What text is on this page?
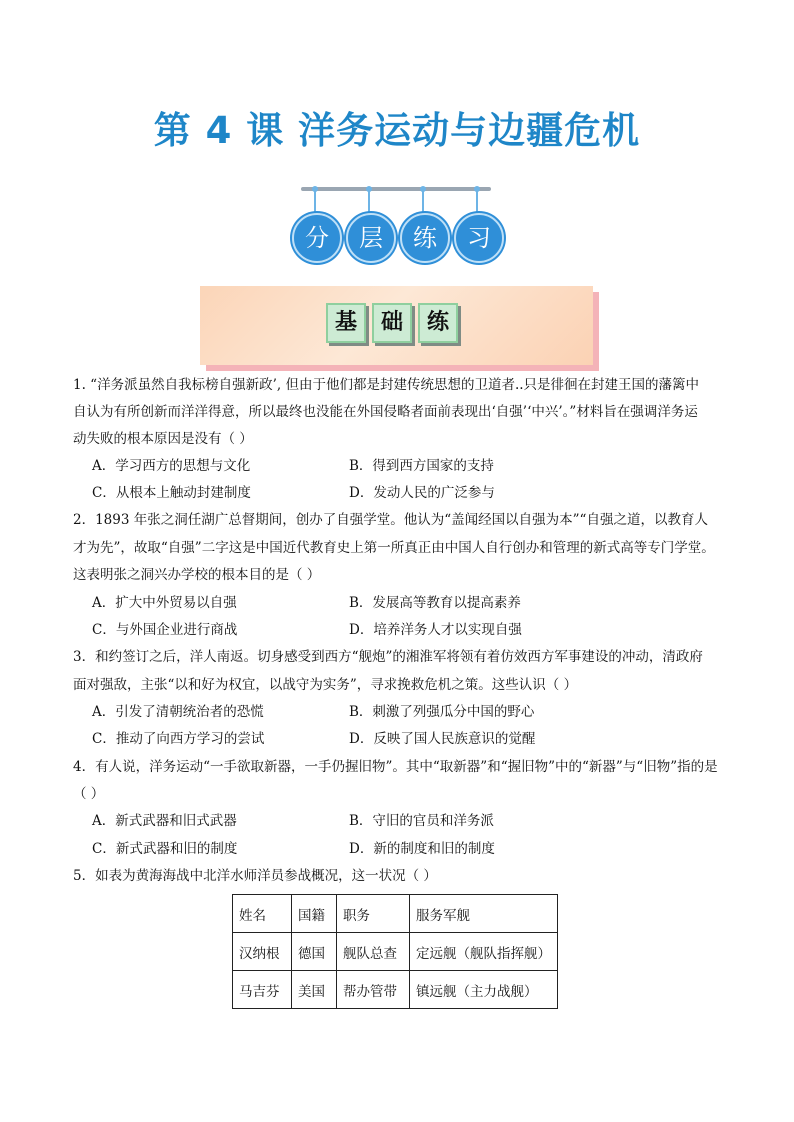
第 4 课 洋务运动与边疆危机
分	层	练	习
基	础	练
1. “洋务派虽然自我标榜自强新政’, 但由于他们都是封建传统思想的卫道者..只是徘徊在封建王国的藩篱中
自认为有所创新而洋洋得意，所以最终也没能在外国侵略者面前表现出‘自强’‘中兴’。”材料旨在强调洋务运
动失败的根本原因是没有（ ）
A．学习西方的思想与文化	B．得到西方国家的支持
C．从根本上触动封建制度	D．发动人民的广泛参与
2．1893 年张之洞任湖广总督期间，创办了自强学堂。他认为“盖闻经国以自强为本”“自强之道，以教育人
才为先”，故取“自强”二字这是中国近代教育史上第一所真正由中国人自行创办和管理的新式高等专门学堂。
这表明张之洞兴办学校的根本目的是（ ）
A．扩大中外贸易以自强	B．发展高等教育以提高素养
C．与外国企业进行商战	D．培养洋务人才以实现自强
3．和约签订之后，洋人南返。切身感受到西方“舰炮”的湘淮军将领有着仿效西方军事建设的冲动，清政府
面对强敌，主张“以和好为权宜，以战守为实务”，寻求挽救危机之策。这些认识（ ）
A．引发了清朝统治者的恐慌	B．刺激了列强瓜分中国的野心
C．推动了向西方学习的尝试	D．反映了国人民族意识的觉醒
4．有人说，洋务运动“一手欲取新器，一手仍握旧物”。其中“取新器”和“握旧物”中的“新器”与“旧物”指的是
（ ）
A．新式武器和旧式武器	B．守旧的官员和洋务派
C．新式武器和旧的制度	D．新的制度和旧的制度
5．如表为黄海海战中北洋水师洋员参战概况，这一状况（ ）
姓名	国籍	职务	服务军舰
汉纳根	德国	舰队总查	定远舰（舰队指挥舰）
马吉芬	美国	帮办管带	镇远舰（主力战舰）
